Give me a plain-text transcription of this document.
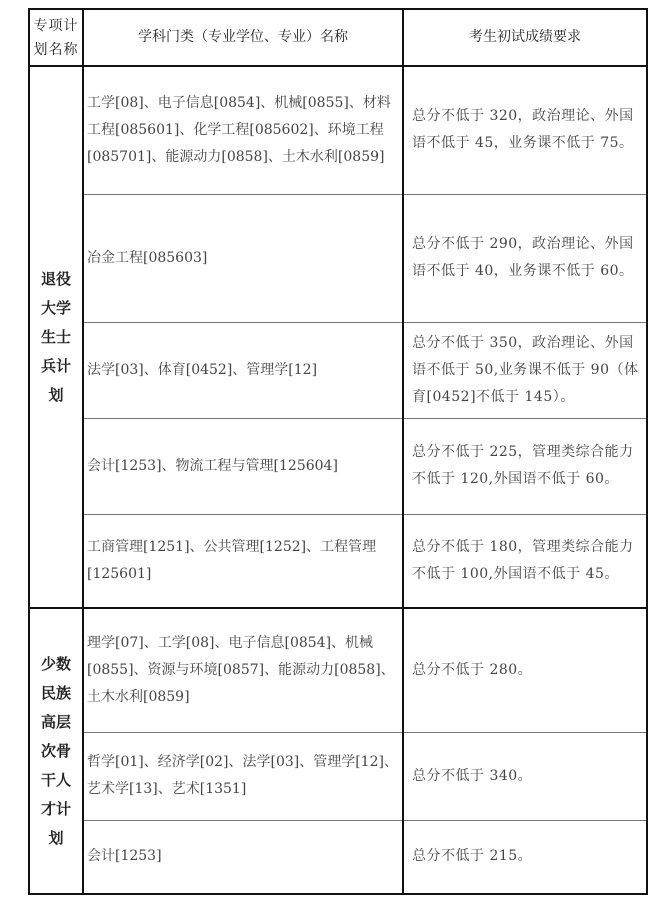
专项计划名称	学科门类（专业学位、专业）名称	考生初试成绩要求
退役大学生士兵计划	工学[08]、电子信息[0854]、机械[0855]、材料工程[085601]、化学工程[085602]、环境工程[085701]、能源动力[0858]、土木水利[0859]	总分不低于 320，政治理论、外国语不低于 45，业务课不低于 75。
	冶金工程[085603]	总分不低于 290，政治理论、外国语不低于 40，业务课不低于 60。
	法学[03]、体育[0452]、管理学[12]	总分不低于 350，政治理论、外国语不低于 50,业务课不低于 90（体育[0452]不低于 145）。
	会计[1253]、物流工程与管理[125604]	总分不低于 225，管理类综合能力不低于 120,外国语不低于 60。
	工商管理[1251]、公共管理[1252]、工程管理[125601]	总分不低于 180，管理类综合能力不低于 100,外国语不低于 45。
少数民族高层次骨干人才计划	理学[07]、工学[08]、电子信息[0854]、机械[0855]、资源与环境[0857]、能源动力[0858]、土木水利[0859]	总分不低于 280。
	哲学[01]、经济学[02]、法学[03]、管理学[12]、艺术学[13]、艺术[1351]	总分不低于 340。
	会计[1253]	总分不低于 215。
